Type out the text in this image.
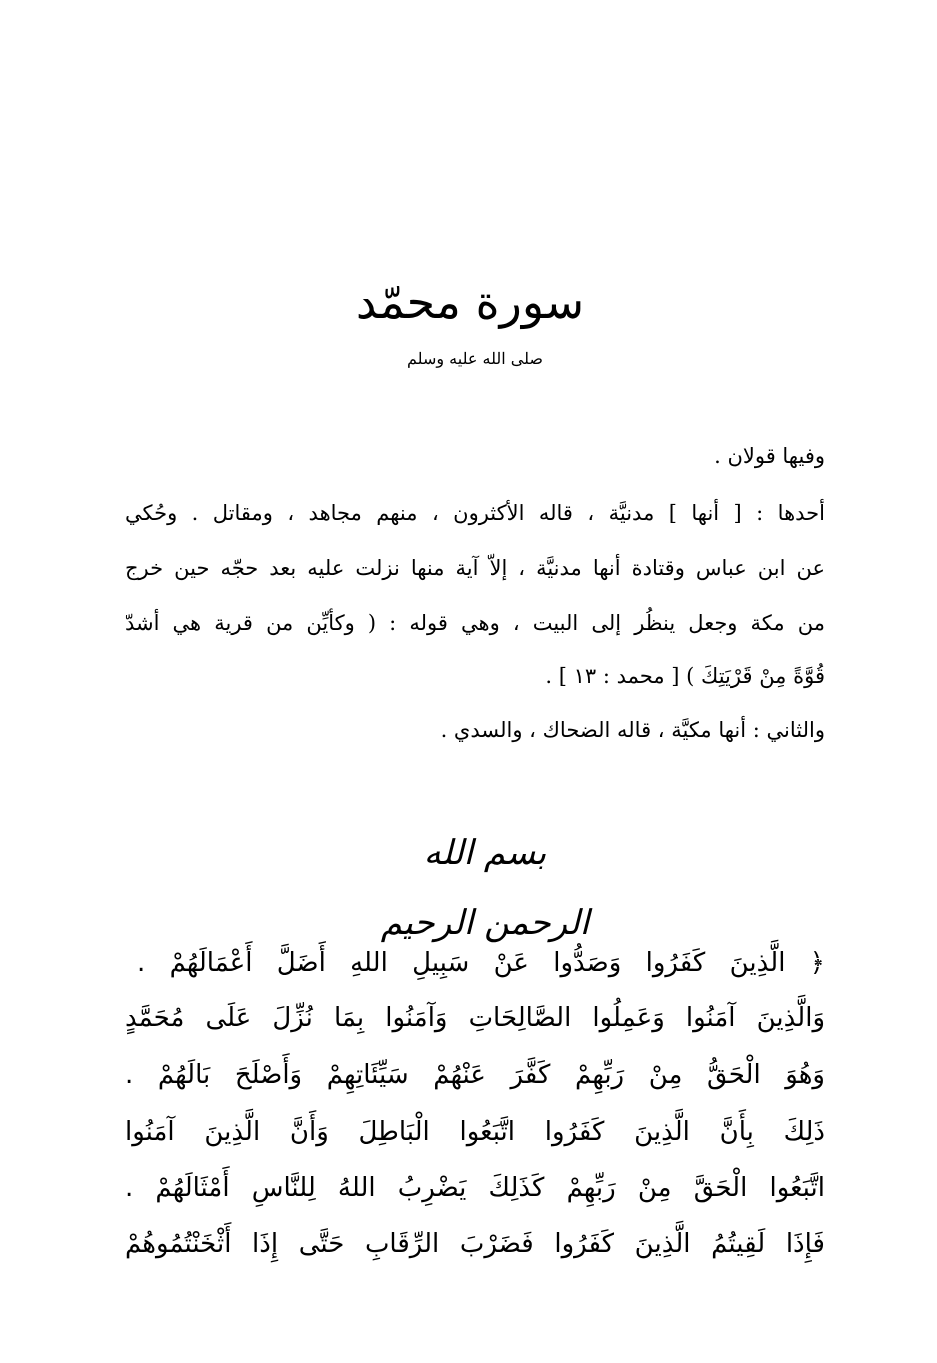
سورة محمّد
صلى الله عليه وسلم
وفيها قولان .
أحدها : [ أنها ] مدنيَّة ، قاله الأكثرون ، منهم مجاهد ، ومقاتل . وحُكي
عن ابن عباس وقتادة أنها مدنيَّة ، إلاّ آية منها نزلت عليه بعد حجّه حين خرج
من مكة وجعل ينظُر إلى البيت ، وهي قوله : ( وكأيِّن من قرية هي أشدّ
قُوَّةً مِنْ قَرْيَتِكَ ) [ محمد : ١٣ ] .
والثاني : أنها مكيَّة ، قاله الضحاك ، والسدي .
بسم الله الرحمن الرحيم
﴿ الَّذِينَ كَفَرُوا وَصَدُّوا عَنْ سَبِيلِ اللهِ أَضَلَّ أَعْمَالَهُمْ .
وَالَّذِينَ آمَنُوا وَعَمِلُوا الصَّالِحَاتِ وَآمَنُوا بِمَا نُزِّلَ عَلَى مُحَمَّدٍ
وَهُوَ الْحَقُّ مِنْ رَبِّهِمْ كَفَّرَ عَنْهُمْ سَيِّئَاتِهِمْ وَأَصْلَحَ بَالَهُمْ .
ذَلِكَ بِأَنَّ الَّذِينَ كَفَرُوا اتَّبَعُوا الْبَاطِلَ وَأَنَّ الَّذِينَ آمَنُوا
اتَّبَعُوا الْحَقَّ مِنْ رَبِّهِمْ كَذَلِكَ يَضْرِبُ اللهُ لِلنَّاسِ أَمْثَالَهُمْ .
فَإِذَا لَقِيتُمُ الَّذِينَ كَفَرُوا فَضَرْبَ الرِّقَابِ حَتَّى إِذَا أَثْخَنْتُمُوهُمْ
